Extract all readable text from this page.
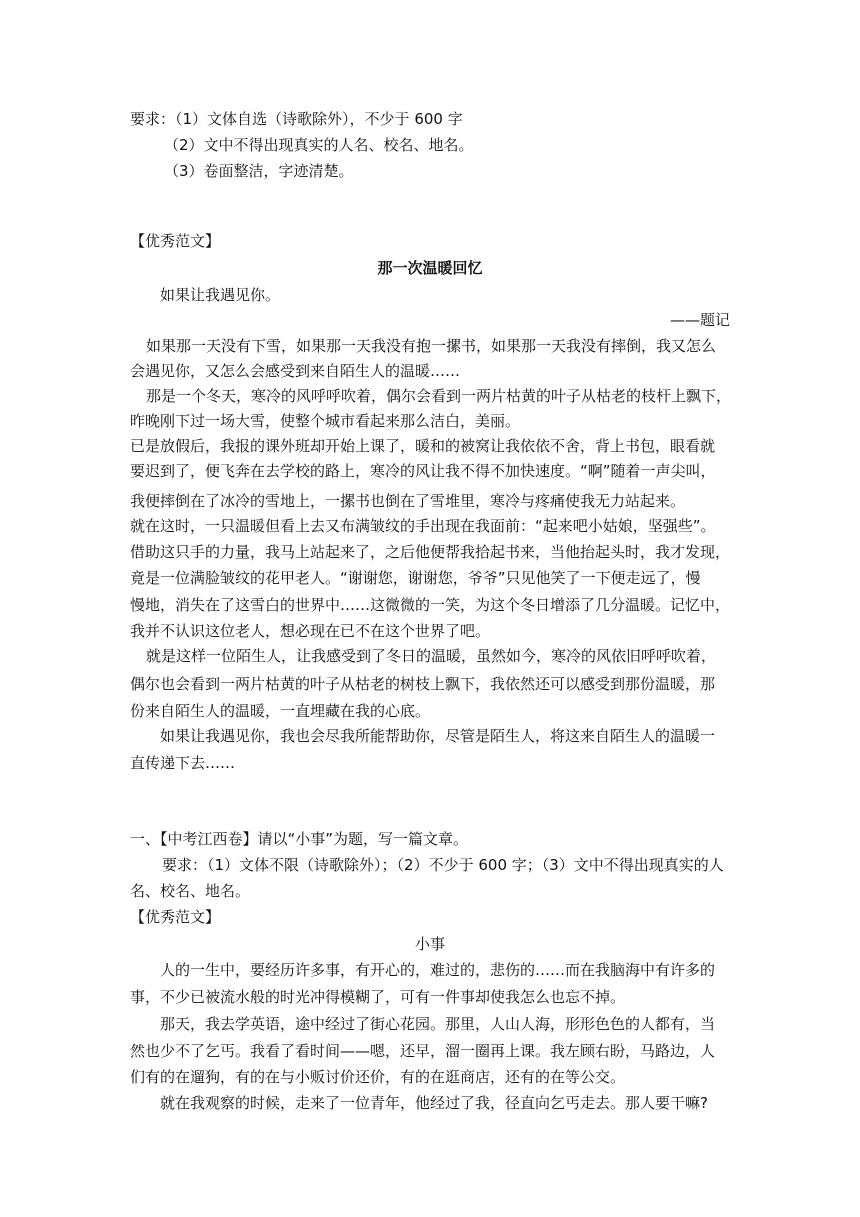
要求：（1）文体自选（诗歌除外），不少于 600 字
（2）文中不得出现真实的人名、校名、地名。
（3）卷面整洁，字迹清楚。
【优秀范文】
那一次温暖回忆
如果让我遇见你。
——题记
如果那一天没有下雪，如果那一天我没有抱一摞书，如果那一天我没有摔倒，我又怎么
会遇见你，又怎么会感受到来自陌生人的温暖……
那是一个冬天，寒冷的风呼呼吹着，偶尔会看到一两片枯黄的叶子从枯老的枝杆上飘下，
昨晚刚下过一场大雪，使整个城市看起来那么洁白，美丽。
已是放假后，我报的课外班却开始上课了，暖和的被窝让我依依不舍，背上书包，眼看就
要迟到了，便飞奔在去学校的路上，寒冷的风让我不得不加快速度。“啊”随着一声尖叫，
我便摔倒在了冰冷的雪地上，一摞书也倒在了雪堆里，寒冷与疼痛使我无力站起来。
就在这时，一只温暖但看上去又布满皱纹的手出现在我面前：“起来吧小姑娘，坚强些”。
借助这只手的力量，我马上站起来了，之后他便帮我拾起书来，当他抬起头时，我才发现，
竟是一位满脸皱纹的花甲老人。“谢谢您，谢谢您，爷爷”只见他笑了一下便走远了，慢
慢地，消失在了这雪白的世界中……这微微的一笑，为这个冬日增添了几分温暖。记忆中，
我并不认识这位老人，想必现在已不在这个世界了吧。
就是这样一位陌生人，让我感受到了冬日的温暖，虽然如今，寒冷的风依旧呼呼吹着，
偶尔也会看到一两片枯黄的叶子从枯老的树枝上飘下，我依然还可以感受到那份温暖，那
份来自陌生人的温暖，一直埋藏在我的心底。
如果让我遇见你，我也会尽我所能帮助你，尽管是陌生人，将这来自陌生人的温暖一
直传递下去……
一、【中考江西卷】请以“小事”为题，写一篇文章。
要求：（1）文体不限（诗歌除外）；（2）不少于 600 字；（3）文中不得出现真实的人
名、校名、地名。
【优秀范文】
小事
人的一生中，要经历许多事，有开心的，难过的，悲伤的……而在我脑海中有许多的
事，不少已被流水般的时光冲得模糊了，可有一件事却使我怎么也忘不掉。
那天，我去学英语，途中经过了街心花园。那里，人山人海，形形色色的人都有，当
然也少不了乞丐。我看了看时间——嗯，还早，溜一圈再上课。我左顾右盼，马路边，人
们有的在遛狗，有的在与小贩讨价还价，有的在逛商店，还有的在等公交。
就在我观察的时候，走来了一位青年，他经过了我，径直向乞丐走去。那人要干嘛?
